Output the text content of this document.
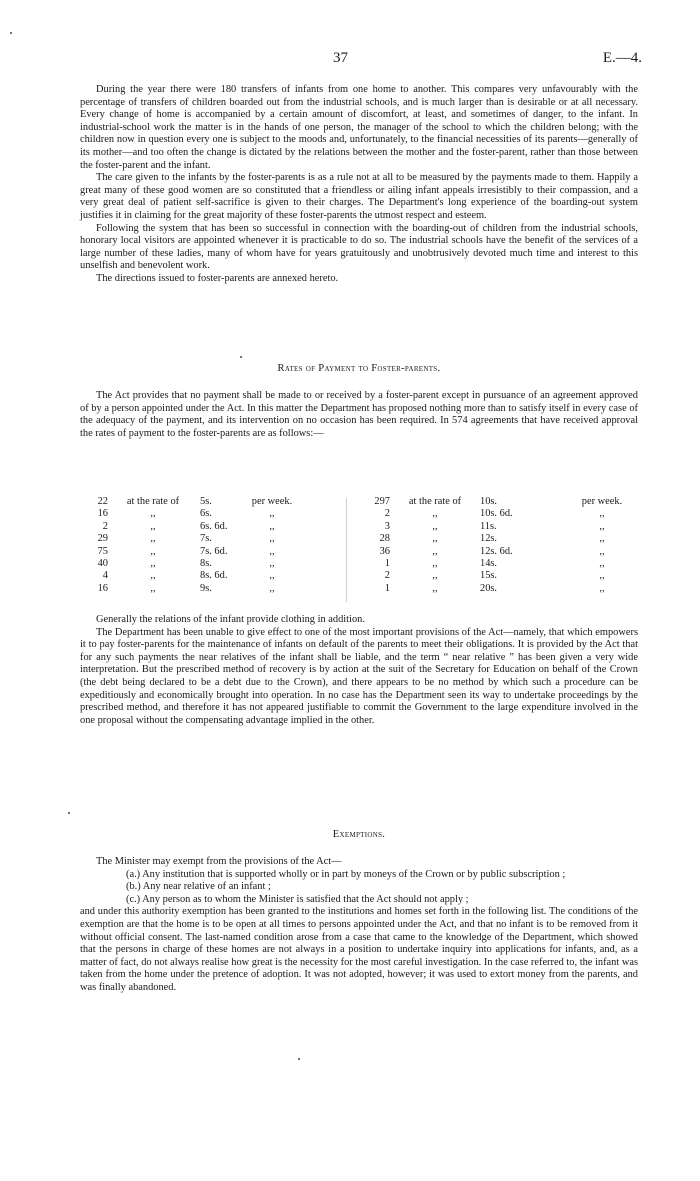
37	E.—4.

During the year there were 180 transfers of infants from one home to another. This compares very unfavourably with the percentage of transfers of children boarded out from the industrial schools, and is much larger than is desirable or at all necessary. Every change of home is accompanied by a certain amount of discomfort, at least, and sometimes of danger, to the infant. In industrial-school work the matter is in the hands of one person, the manager of the school to which the children belong; with the children now in question every one is subject to the moods and, unfortunately, to the financial necessities of its parents—generally of its mother—and too often the change is dictated by the relations between the mother and the foster-parent, rather than those between the foster-parent and the infant.

The care given to the infants by the foster-parents is as a rule not at all to be measured by the payments made to them. Happily a great many of these good women are so constituted that a friendless or ailing infant appeals irresistibly to their compassion, and a very great deal of patient self-sacrifice is given to their charges. The Department's long experience of the boarding-out system justifies it in claiming for the great majority of these foster-parents the utmost respect and esteem.

Following the system that has been so successful in connection with the boarding-out of children from the industrial schools, honorary local visitors are appointed whenever it is practicable to do so. The industrial schools have the benefit of the services of a large number of these ladies, many of whom have for years gratuitously and unobtrusively devoted much time and interest to this unselfish and benevolent work.

The directions issued to foster-parents are annexed hereto.

Rates of Payment to Foster-parents.

The Act provides that no payment shall be made to or received by a foster-parent except in pursuance of an agreement approved of by a person appointed under the Act. In this matter the Department has proposed nothing more than to satisfy itself in every case of the adequacy of the payment, and its intervention on no occasion has been required. In 574 agreements that have received approval the rates of payment to the foster-parents are as follows:—

22	at the rate of	5s.	per week.
16	,,	6s.	,,
2	,,	6s. 6d.	,,
29	,,	7s.	,,
75	,,	7s. 6d.	,,
40	,,	8s.	,,
4	,,	8s. 6d.	,,
16	,,	9s.	,,
297	at the rate of	10s.	per week.
2	,,	10s. 6d.	,,
3	,,	11s.	,,
28	,,	12s.	,,
36	,,	12s. 6d.	,,
1	,,	14s.	,,
2	,,	15s.	,,
1	,,	20s.	,,

Generally the relations of the infant provide clothing in addition.

The Department has been unable to give effect to one of the most important provisions of the Act—namely, that which empowers it to pay foster-parents for the maintenance of infants on default of the parents to meet their obligations. It is provided by the Act that for any such payments the near relatives of the infant shall be liable, and the term “ near relative ” has been given a very wide interpretation. But the prescribed method of recovery is by action at the suit of the Secretary for Education on behalf of the Crown (the debt being declared to be a debt due to the Crown), and there appears to be no method by which such a procedure can be expeditiously and economically brought into operation. In no case has the Department seen its way to undertake proceedings by the prescribed method, and therefore it has not appeared justifiable to commit the Government to the large expenditure involved in the one proposal without the compensating advantage implied in the other.

Exemptions.

The Minister may exempt from the provisions of the Act—

(a.) Any institution that is supported wholly or in part by moneys of the Crown or by public subscription ;
(b.) Any near relative of an infant ;
(c.) Any person as to whom the Minister is satisfied that the Act should not apply ;

and under this authority exemption has been granted to the institutions and homes set forth in the following list. The conditions of the exemption are that the home is to be open at all times to persons appointed under the Act, and that no infant is to be removed from it without official consent. The last-named condition arose from a case that came to the knowledge of the Department, which showed that the persons in charge of these homes are not always in a position to undertake inquiry into applications for infants, and, as a matter of fact, do not always realise how great is the necessity for the most careful investigation. In the case referred to, the infant was taken from the home under the pretence of adoption. It was not adopted, however; it was used to extort money from the parents, and was finally abandoned.
